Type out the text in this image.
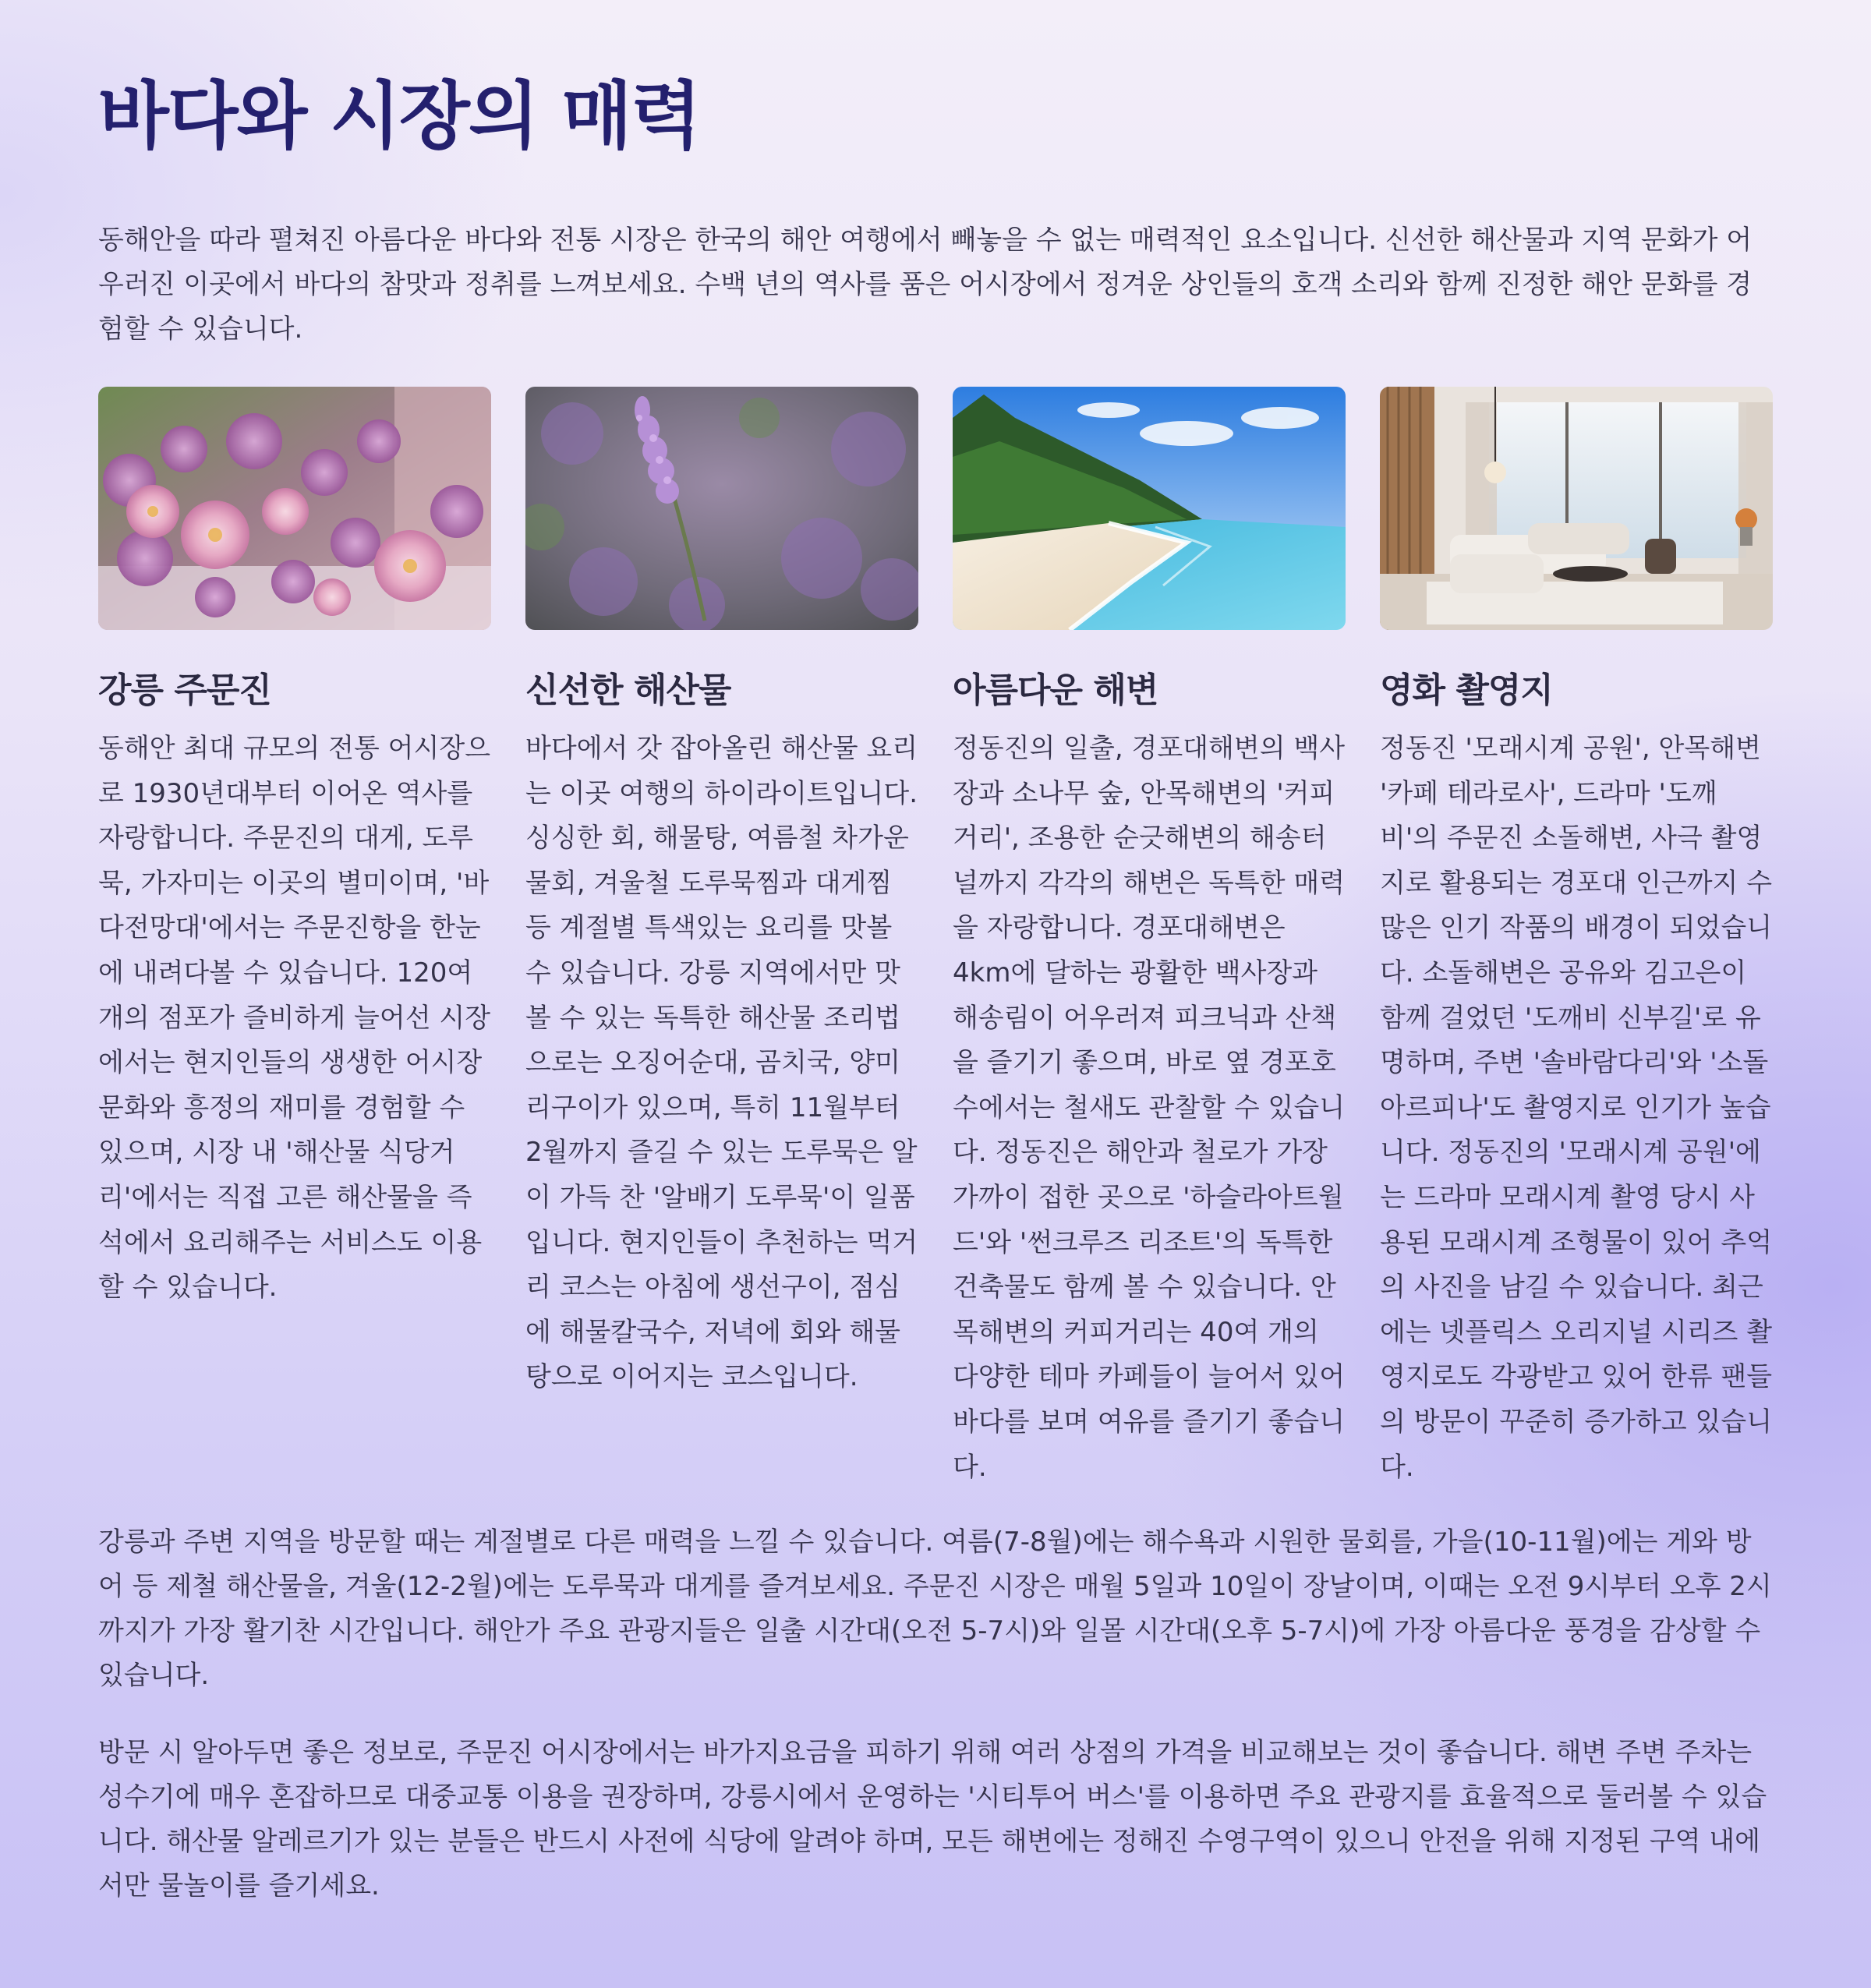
바다와 시장의 매력

동해안을 따라 펼쳐진 아름다운 바다와 전통 시장은 한국의 해안 여행에서 빼놓을 수 없는 매력적인 요소입니다. 신선한 해산물과 지역 문화가 어우러진 이곳에서 바다의 참맛과 정취를 느껴보세요. 수백 년의 역사를 품은 어시장에서 정겨운 상인들의 호객 소리와 함께 진정한 해안 문화를 경험할 수 있습니다.

강릉 주문진

동해안 최대 규모의 전통 어시장으로 1930년대부터 이어온 역사를 자랑합니다. 주문진의 대게, 도루묵, 가자미는 이곳의 별미이며, '바다전망대'에서는 주문진항을 한눈에 내려다볼 수 있습니다. 120여 개의 점포가 즐비하게 늘어선 시장에서는 현지인들의 생생한 어시장 문화와 흥정의 재미를 경험할 수 있으며, 시장 내 '해산물 식당거리'에서는 직접 고른 해산물을 즉석에서 요리해주는 서비스도 이용할 수 있습니다.

신선한 해산물

바다에서 갓 잡아올린 해산물 요리는 이곳 여행의 하이라이트입니다. 싱싱한 회, 해물탕, 여름철 차가운 물회, 겨울철 도루묵찜과 대게찜 등 계절별 특색있는 요리를 맛볼 수 있습니다. 강릉 지역에서만 맛볼 수 있는 독특한 해산물 조리법으로는 오징어순대, 곰치국, 양미리구이가 있으며, 특히 11월부터 2월까지 즐길 수 있는 도루묵은 알이 가득 찬 '알배기 도루묵'이 일품입니다. 현지인들이 추천하는 먹거리 코스는 아침에 생선구이, 점심에 해물칼국수, 저녁에 회와 해물탕으로 이어지는 코스입니다.

아름다운 해변

정동진의 일출, 경포대해변의 백사장과 소나무 숲, 안목해변의 '커피거리', 조용한 순긋해변의 해송터널까지 각각의 해변은 독특한 매력을 자랑합니다. 경포대해변은 4km에 달하는 광활한 백사장과 해송림이 어우러져 피크닉과 산책을 즐기기 좋으며, 바로 옆 경포호수에서는 철새도 관찰할 수 있습니다. 정동진은 해안과 철로가 가장 가까이 접한 곳으로 '하슬라아트월드'와 '썬크루즈 리조트'의 독특한 건축물도 함께 볼 수 있습니다. 안목해변의 커피거리는 40여 개의 다양한 테마 카페들이 늘어서 있어 바다를 보며 여유를 즐기기 좋습니다.

영화 촬영지

정동진 '모래시계 공원', 안목해변 '카페 테라로사', 드라마 '도깨비'의 주문진 소돌해변, 사극 촬영지로 활용되는 경포대 인근까지 수많은 인기 작품의 배경이 되었습니다. 소돌해변은 공유와 김고은이 함께 걸었던 '도깨비 신부길'로 유명하며, 주변 '솔바람다리'와 '소돌아르피나'도 촬영지로 인기가 높습니다. 정동진의 '모래시계 공원'에는 드라마 모래시계 촬영 당시 사용된 모래시계 조형물이 있어 추억의 사진을 남길 수 있습니다. 최근에는 넷플릭스 오리지널 시리즈 촬영지로도 각광받고 있어 한류 팬들의 방문이 꾸준히 증가하고 있습니다.

강릉과 주변 지역을 방문할 때는 계절별로 다른 매력을 느낄 수 있습니다. 여름(7-8월)에는 해수욕과 시원한 물회를, 가을(10-11월)에는 게와 방어 등 제철 해산물을, 겨울(12-2월)에는 도루묵과 대게를 즐겨보세요. 주문진 시장은 매월 5일과 10일이 장날이며, 이때는 오전 9시부터 오후 2시까지가 가장 활기찬 시간입니다. 해안가 주요 관광지들은 일출 시간대(오전 5-7시)와 일몰 시간대(오후 5-7시)에 가장 아름다운 풍경을 감상할 수 있습니다.

방문 시 알아두면 좋은 정보로, 주문진 어시장에서는 바가지요금을 피하기 위해 여러 상점의 가격을 비교해보는 것이 좋습니다. 해변 주변 주차는 성수기에 매우 혼잡하므로 대중교통 이용을 권장하며, 강릉시에서 운영하는 '시티투어 버스'를 이용하면 주요 관광지를 효율적으로 둘러볼 수 있습니다. 해산물 알레르기가 있는 분들은 반드시 사전에 식당에 알려야 하며, 모든 해변에는 정해진 수영구역이 있으니 안전을 위해 지정된 구역 내에서만 물놀이를 즐기세요.
